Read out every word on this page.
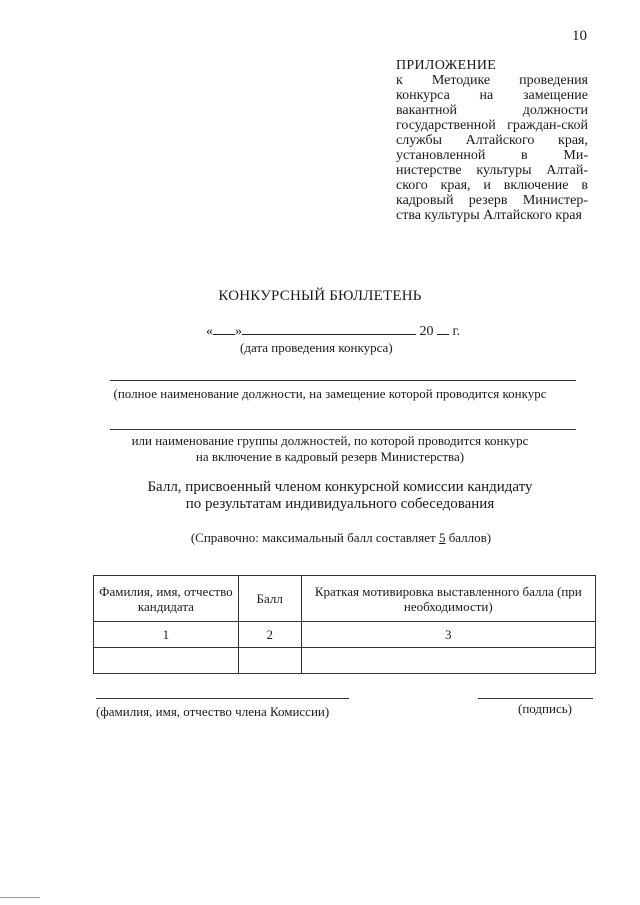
10
ПРИЛОЖЕНИЕ
к Методике проведения конкурса на замещение вакантной должности государственной граждан-ской службы Алтайского края, установленной в Ми-нистерстве культуры Алтай-ского края, и включение в кадровый резерв Министер-ства культуры Алтайского края
КОНКУРСНЫЙ БЮЛЛЕТЕНЬ
« »	20 г.
(дата проведения конкурса)
(полное наименование должности, на замещение которой проводится конкурс
или наименование группы должностей, по которой проводится конкурс
на включение в кадровый резерв Министерства)
Балл, присвоенный членом конкурсной комиссии кандидату
по результатам индивидуального собеседования
(Справочно: максимальный балл составляет 5 баллов)
Фамилия, имя, отчество кандидата	Балл	Краткая мотивировка выставленного балла (при необходимости)
1	2	3

(фамилия, имя, отчество члена Комиссии)	(подпись)
